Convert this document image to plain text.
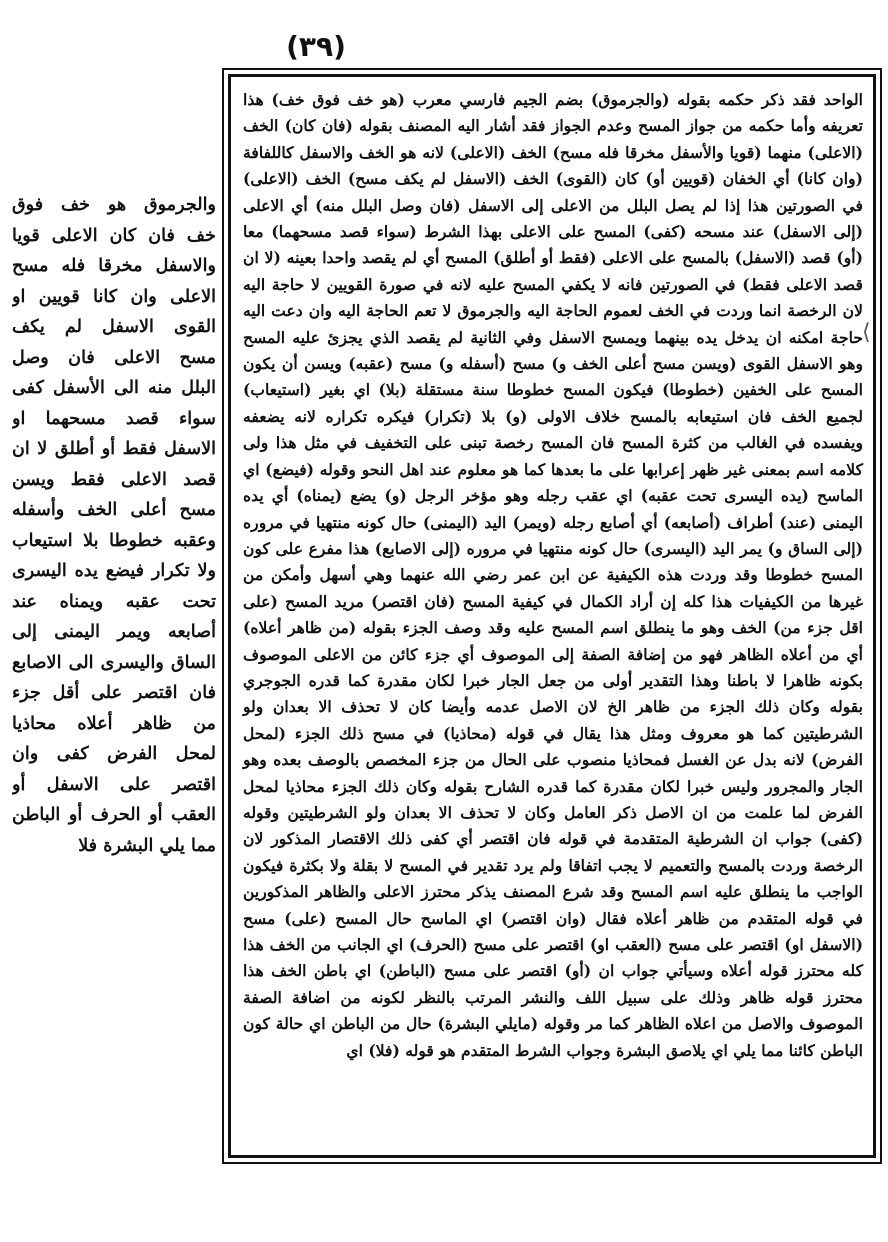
(٣٩)

الواحد فقد ذكر حكمه بقوله (والجرموق) بضم الجيم فارسي معرب (هو خف فوق خف) هذا تعريفه وأما حكمه من جواز المسح وعدم الجواز فقد أشار اليه المصنف بقوله (فان كان) الخف (الاعلى) منهما (قويا والأسفل مخرقا فله مسح) الخف (الاعلى) لانه هو الخف والاسفل كاللفافة (وان كانا) أي الخفان (قويين أو) كان (القوى) الخف (الاسفل لم يكف مسح) الخف (الاعلى) في الصورتين هذا إذا لم يصل البلل من الاعلى إلى الاسفل (فان وصل البلل منه) أي الاعلى (إلى الاسفل) عند مسحه (كفى) المسح على الاعلى بهذا الشرط (سواء قصد مسحهما) معا (أو) قصد (الاسفل) بالمسح على الاعلى (فقط أو أطلق) المسح أي لم يقصد واحدا بعينه (لا ان قصد الاعلى فقط) في الصورتين فانه لا يكفي المسح عليه لانه في صورة القويين لا حاجة اليه لان الرخصة انما وردت في الخف لعموم الحاجة اليه والجرموق لا تعم الحاجة اليه وان دعت اليه حاجة امكنه ان يدخل يده بينهما ويمسح الاسفل وفي الثانية لم يقصد الذي يجزئ عليه المسح وهو الاسفل القوى (ويسن مسح أعلى الخف و) مسح (أسفله و) مسح (عقبه) ويسن أن يكون المسح على الخفين (خطوطا) فيكون المسح خطوطا سنة مستقلة (بلا) اي بغير (استيعاب) لجميع الخف فان استيعابه بالمسح خلاف الاولى (و) بلا (تكرار) فيكره تكراره لانه يضعفه ويفسده في الغالب من كثرة المسح فان المسح رخصة تبنى على التخفيف في مثل هذا ولى كلامه اسم بمعنى غير ظهر إعرابها على ما بعدها كما هو معلوم عند اهل النحو وقوله (فيضع) اي الماسح (يده اليسرى تحت عقبه) اي عقب رجله وهو مؤخر الرجل (و) يضع (يمناه) أي يده اليمنى (عند) أطراف (أصابعه) أي أصابع رجله (ويمر) اليد (اليمنى) حال كونه منتهيا في مروره (إلى الساق و) يمر اليد (اليسرى) حال كونه منتهيا في مروره (إلى الاصابع) هذا مفرع على كون المسح خطوطا وقد وردت هذه الكيفية عن ابن عمر رضي الله عنهما وهي أسهل وأمكن من غيرها من الكيفيات هذا كله إن أراد الكمال في كيفية المسح (فان اقتصر) مريد المسح (على اقل جزء من) الخف وهو ما ينطلق اسم المسح عليه وقد وصف الجزء بقوله (من ظاهر أعلاه) أي من أعلاه الظاهر فهو من إضافة الصفة إلى الموصوف أي جزء كائن من الاعلى الموصوف بكونه ظاهرا لا باطنا وهذا التقدير أولى من جعل الجار خبرا لكان مقدرة كما قدره الجوجري بقوله وكان ذلك الجزء من ظاهر الخ لان الاصل عدمه وأيضا كان لا تحذف الا بعدان ولو الشرطيتين كما هو معروف ومثل هذا يقال في قوله (محاذيا) في مسح ذلك الجزء (لمحل الفرض) لانه بدل عن الغسل فمحاذيا منصوب على الحال من جزء المخصص بالوصف بعده وهو الجار والمجرور وليس خبرا لكان مقدرة كما قدره الشارح بقوله وكان ذلك الجزء محاذيا لمحل الفرض لما علمت من ان الاصل ذكر العامل وكان لا تحذف الا بعدان ولو الشرطيتين وقوله (كفى) جواب ان الشرطية المتقدمة في قوله فان اقتصر أي كفى ذلك الاقتصار المذكور لان الرخصة وردت بالمسح والتعميم لا يجب اتفاقا ولم يرد تقدير في المسح لا بقلة ولا بكثرة فيكون الواجب ما ينطلق عليه اسم المسح وقد شرع المصنف يذكر محترز الاعلى والظاهر المذكورين في قوله المتقدم من ظاهر أعلاه فقال (وان اقتصر) اي الماسح حال المسح (على) مسح (الاسفل او) اقتصر على مسح (العقب او) اقتصر على مسح (الحرف) اي الجانب من الخف هذا كله محترز قوله أعلاه وسيأتي جواب ان (أو) اقتصر على مسح (الباطن) اي باطن الخف هذا محترز قوله ظاهر وذلك على سبيل اللف والنشر المرتب بالنظر لكونه من اضافة الصفة الموصوف والاصل من اعلاه الظاهر كما مر وقوله (مايلي البشرة) حال من الباطن اي حالة كون الباطن كائنا مما يلي اي يلاصق البشرة وجواب الشرط المتقدم هو قوله (فلا) اي

⟨

والجرموق هو خف فوق خف فان كان الاعلى قويا والاسفل مخرقا فله مسح الاعلى وان كانا قويين او القوى الاسفل لم يكف مسح الاعلى فان وصل البلل منه الى الأسفل كفى سواء قصد مسحهما او الاسفل فقط أو أطلق لا ان قصد الاعلى فقط ويسن مسح أعلى الخف وأسفله وعقبه خطوطا بلا استيعاب ولا تكرار فيضع يده اليسرى تحت عقبه ويمناه عند أصابعه ويمر اليمنى إلى الساق واليسرى الى الاصابع فان اقتصر على أقل جزء من ظاهر أعلاه محاذيا لمحل الفرض كفى وان اقتصر على الاسفل أو العقب أو الحرف أو الباطن مما يلي البشرة فلا
